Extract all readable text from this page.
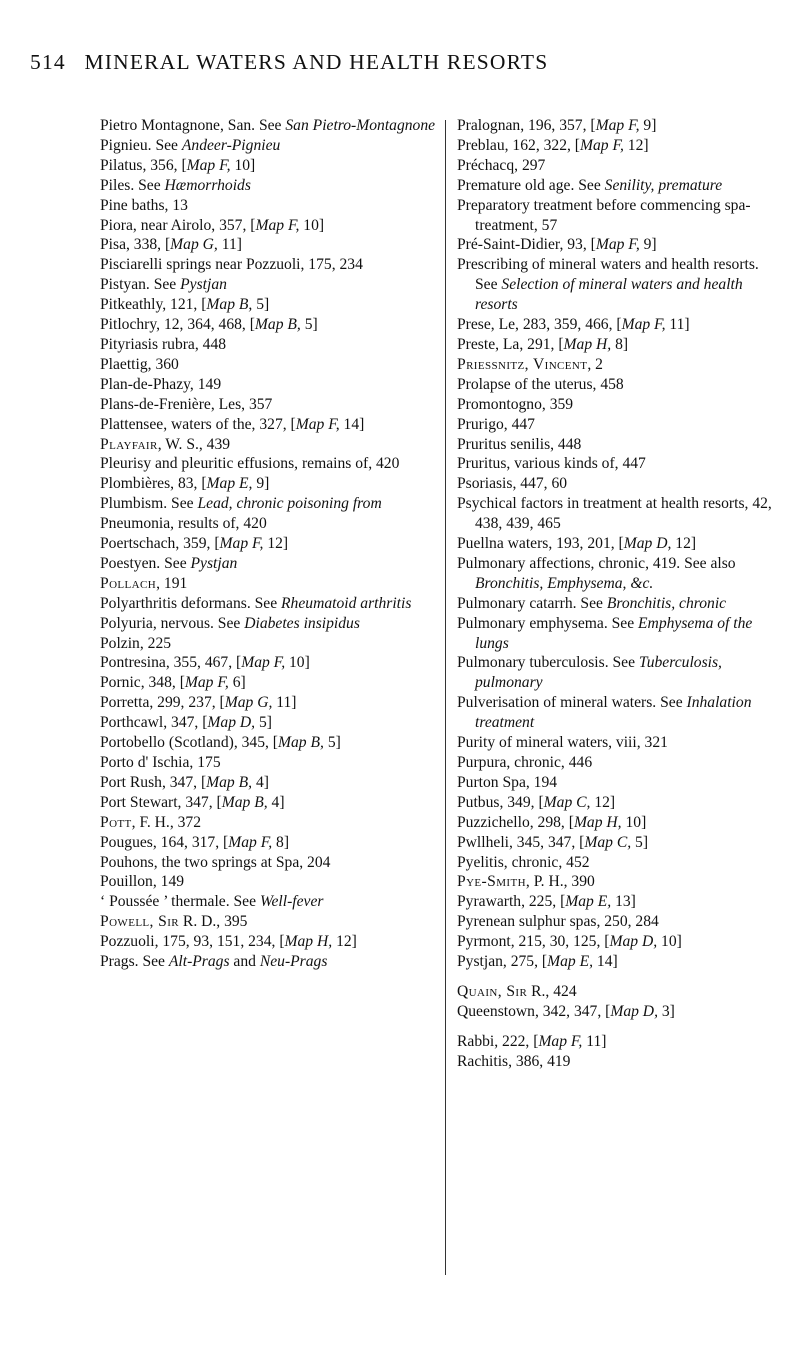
514 MINERAL WATERS AND HEALTH RESORTS
Pietro Montagnone, San. See San Pietro-Montagnone
Pignieu. See Andeer-Pignieu
Pilatus, 356, [Map F, 10]
Piles. See Hæmorrhoids
Pine baths, 13
Piora, near Airolo, 357, [Map F, 10]
Pisa, 338, [Map G, 11]
Pisciarelli springs near Pozzuoli, 175, 234
Pistyan. See Pystjan
Pitkeathly, 121, [Map B, 5]
Pitlochry, 12, 364, 468, [Map B, 5]
Pityriasis rubra, 448
Plaettig, 360
Plan-de-Phazy, 149
Plans-de-Frenière, Les, 357
Plattensee, waters of the, 327, [Map F, 14]
Playfair, W. S., 439
Pleurisy and pleuritic effusions, remains of, 420
Plombières, 83, [Map E, 9]
Plumbism. See Lead, chronic poisoning from
Pneumonia, results of, 420
Poertschach, 359, [Map F, 12]
Poestyen. See Pystjan
Pollach, 191
Polyarthritis deformans. See Rheumatoid arthritis
Polyuria, nervous. See Diabetes insipidus
Polzin, 225
Pontresina, 355, 467, [Map F, 10]
Pornic, 348, [Map F, 6]
Porretta, 299, 237, [Map G, 11]
Porthcawl, 347, [Map D, 5]
Portobello (Scotland), 345, [Map B, 5]
Porto d' Ischia, 175
Port Rush, 347, [Map B, 4]
Port Stewart, 347, [Map B, 4]
Pott, F. H., 372
Pougues, 164, 317, [Map F, 8]
Pouhons, the two springs at Spa, 204
Pouillon, 149
‘ Poussée ’ thermale. See Well-fever
Powell, Sir R. D., 395
Pozzuoli, 175, 93, 151, 234, [Map H, 12]
Prags. See Alt-Prags and Neu-Prags
Pralognan, 196, 357, [Map F, 9]
Preblau, 162, 322, [Map F, 12]
Préchacq, 297
Premature old age. See Senility, premature
Preparatory treatment before commencing spa-treatment, 57
Pré-Saint-Didier, 93, [Map F, 9]
Prescribing of mineral waters and health resorts. See Selection of mineral waters and health resorts
Prese, Le, 283, 359, 466, [Map F, 11]
Preste, La, 291, [Map H, 8]
Priessnitz, Vincent, 2
Prolapse of the uterus, 458
Promontogno, 359
Prurigo, 447
Pruritus senilis, 448
Pruritus, various kinds of, 447
Psoriasis, 447, 60
Psychical factors in treatment at health resorts, 42, 438, 439, 465
Puellna waters, 193, 201, [Map D, 12]
Pulmonary affections, chronic, 419. See also Bronchitis, Emphysema, &c.
Pulmonary catarrh. See Bronchitis, chronic
Pulmonary emphysema. See Emphysema of the lungs
Pulmonary tuberculosis. See Tuberculosis, pulmonary
Pulverisation of mineral waters. See Inhalation treatment
Purity of mineral waters, viii, 321
Purpura, chronic, 446
Purton Spa, 194
Putbus, 349, [Map C, 12]
Puzzichello, 298, [Map H, 10]
Pwllheli, 345, 347, [Map C, 5]
Pyelitis, chronic, 452
Pye-Smith, P. H., 390
Pyrawarth, 225, [Map E, 13]
Pyrenean sulphur spas, 250, 284
Pyrmont, 215, 30, 125, [Map D, 10]
Pystjan, 275, [Map E, 14]
Quain, Sir R., 424
Queenstown, 342, 347, [Map D, 3]
Rabbi, 222, [Map F, 11]
Rachitis, 386, 419
